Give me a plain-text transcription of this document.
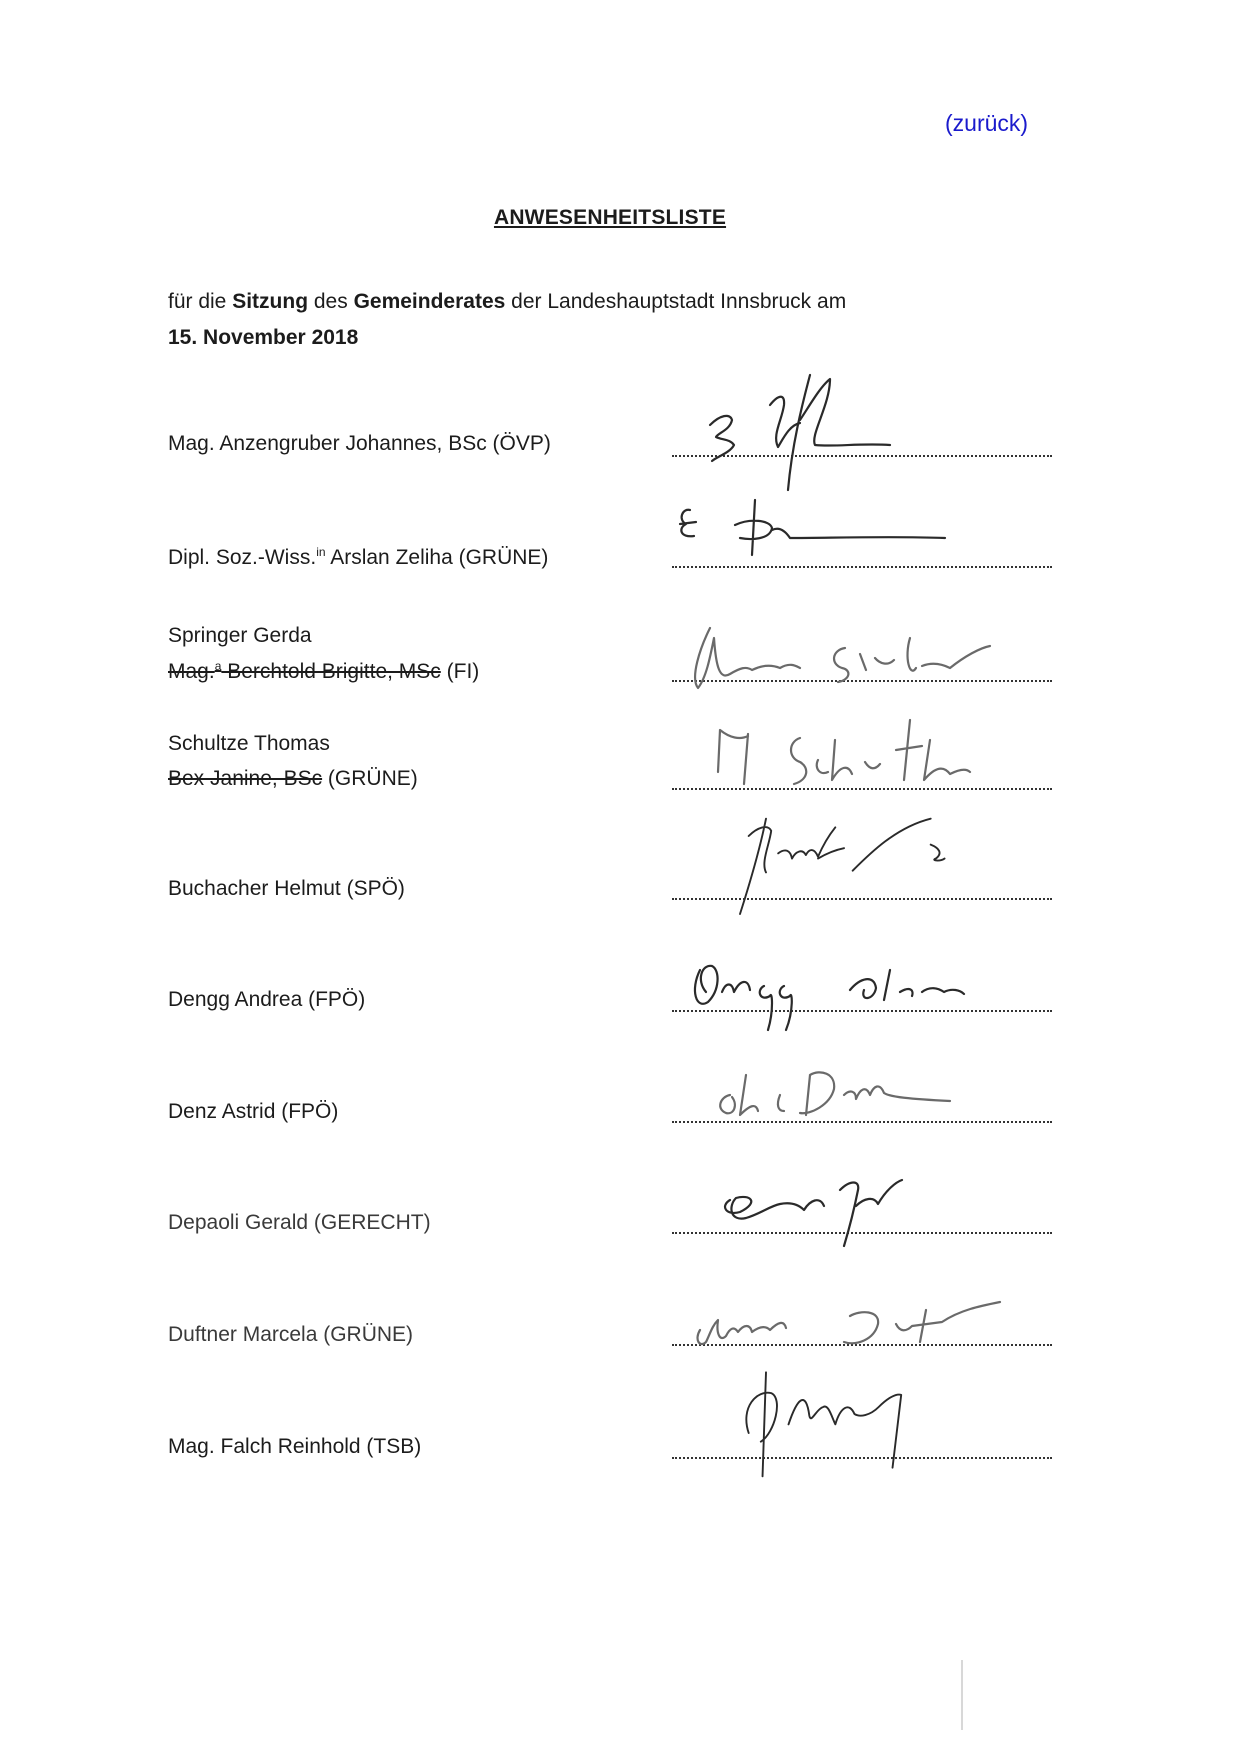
(zurück)
ANWESENHEITSLISTE
für die Sitzung des Gemeinderates der Landeshauptstadt Innsbruck am
15. November 2018
Mag. Anzengruber Johannes, BSc (ÖVP)
Dipl. Soz.-Wiss.$^{in}$ Arslan Zeliha (GRÜNE)
Springer Gerda
Mag.$^a$ Berchtold Brigitte, MSc (FI)
Schultze Thomas
Bex Janine, BSc (GRÜNE)
Buchacher Helmut (SPÖ)
Dengg Andrea (FPÖ)
Denz Astrid (FPÖ)
Depaoli Gerald (GERECHT)
Duftner Marcela (GRÜNE)
Mag. Falch Reinhold (TSB)
